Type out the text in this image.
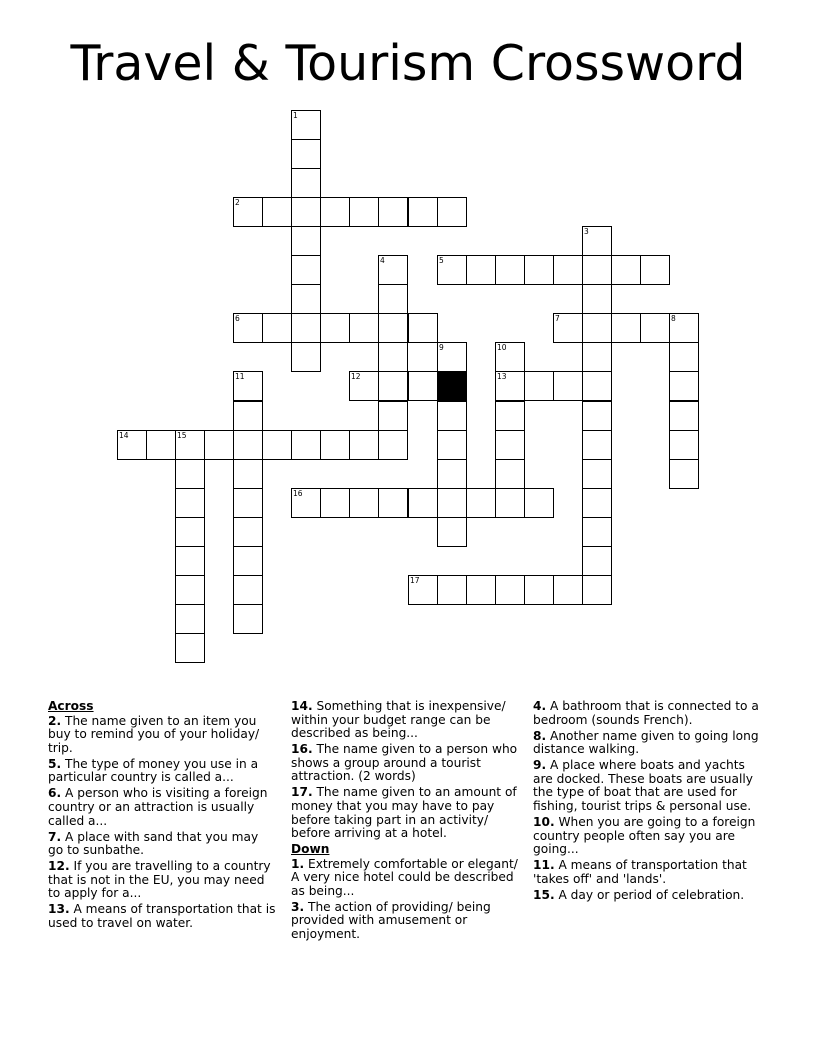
Travel & Tourism Crossword
1
2
3
4	5
6	7	8
9	10
13
11	12
14	15
16
17
Across
2. The name given to an item you buy to remind you of your holiday/ trip.
5. The type of money you use in a particular country is called a...
6. A person who is visiting a foreign country or an attraction is usually called a...
7. A place with sand that you may go to sunbathe.
12. If you are travelling to a country that is not in the EU, you may need to apply for a...
13. A means of transportation that is used to travel on water.
14. Something that is inexpensive/ within your budget range can be described as being...
16. The name given to a person who shows a group around a tourist attraction. (2 words)
17. The name given to an amount of money that you may have to pay before taking part in an activity/ before arriving at a hotel.
Down
1. Extremely comfortable or elegant/ A very nice hotel could be described as being...
3. The action of providing/ being provided with amusement or enjoyment.
4. A bathroom that is connected to a bedroom (sounds French).
8. Another name given to going long distance walking.
9. A place where boats and yachts are docked. These boats are usually the type of boat that are used for fishing, tourist trips & personal use.
10. When you are going to a foreign country people often say you are going...
11. A means of transportation that 'takes off' and 'lands'.
15. A day or period of celebration.
